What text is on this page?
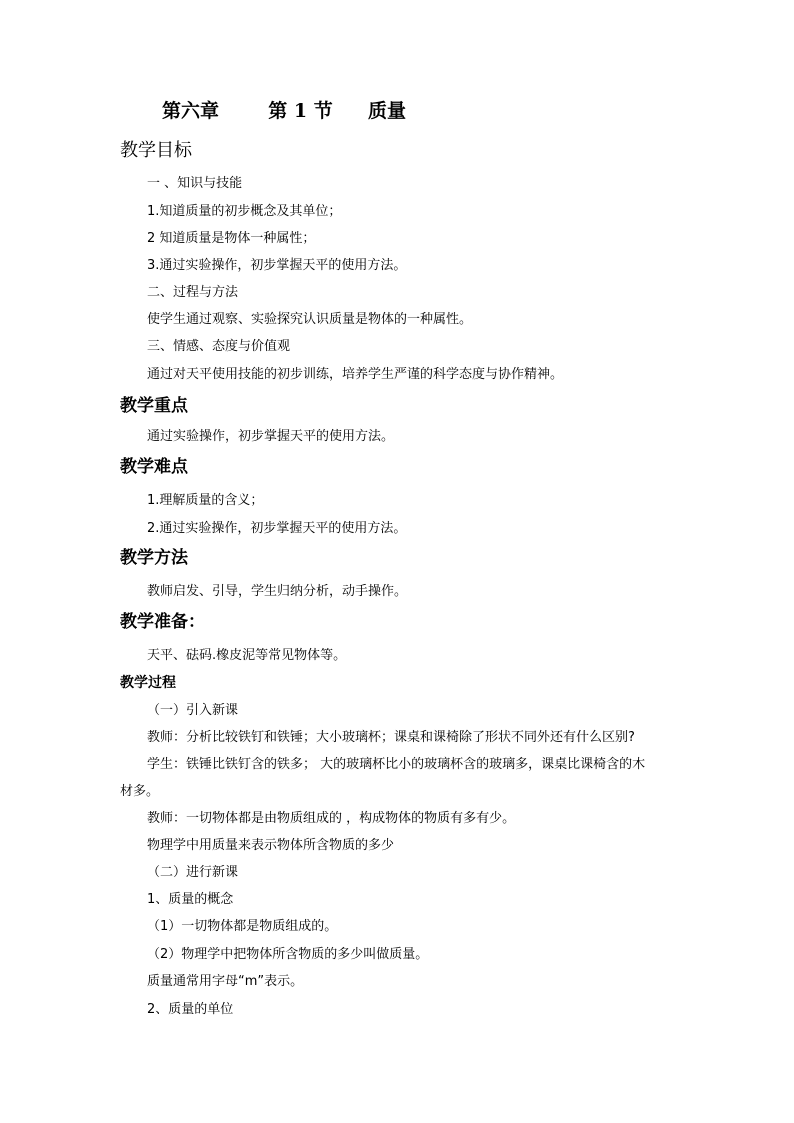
第六章	第 1 节 质量
教学目标
一 、知识与技能
1.知道质量的初步概念及其单位；
2 知道质量是物体一种属性；
3.通过实验操作，初步掌握天平的使用方法。
二、过程与方法
使学生通过观察、实验探究认识质量是物体的一种属性。
三、情感、态度与价值观
通过对天平使用技能的初步训练，培养学生严谨的科学态度与协作精神。
教学重点
通过实验操作，初步掌握天平的使用方法。
教学难点
1.理解质量的含义；
2.通过实验操作，初步掌握天平的使用方法。
教学方法
教师启发、引导，学生归纳分析，动手操作。
教学准备：
天平、砝码.橡皮泥等常见物体等。
教学过程
（一）引入新课
教师：分析比较铁钉和铁锤；大小玻璃杯；课桌和课椅除了形状不同外还有什么区别?
学生：铁锤比铁钉含的铁多； 大的玻璃杯比小的玻璃杯含的玻璃多，课桌比课椅含的木
材多。
教师：一切物体都是由物质组成的 ，构成物体的物质有多有少。
物理学中用质量来表示物体所含物质的多少
（二）进行新课
1、质量的概念
（1）一切物体都是物质组成的。
（2）物理学中把物体所含物质的多少叫做质量。
质量通常用字母“m”表示。
2、质量的单位
